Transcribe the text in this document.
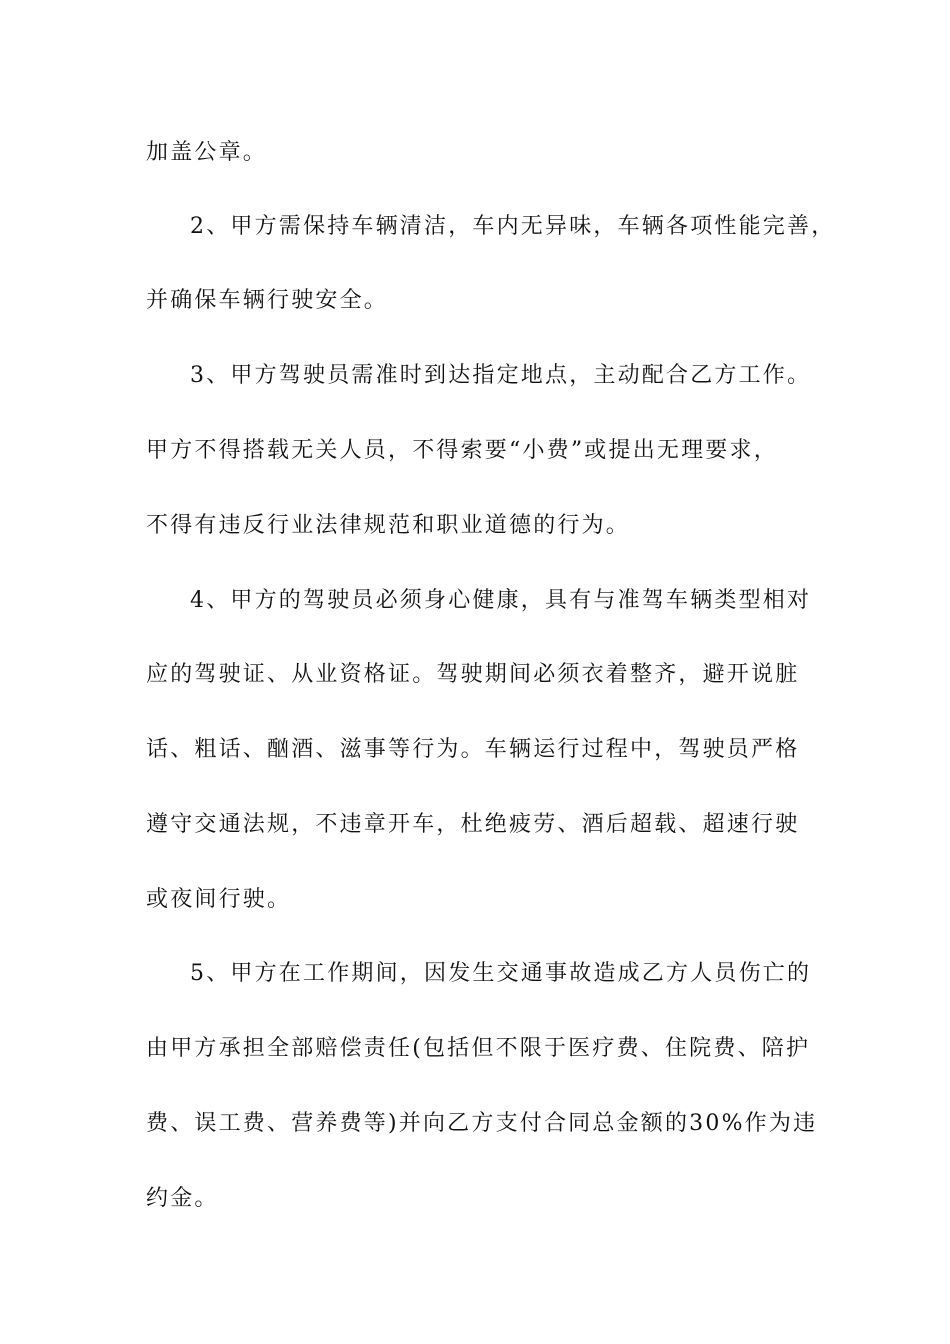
加盖公章。
2、甲方需保持车辆清洁，车内无异味，车辆各项性能完善，
并确保车辆行驶安全。
3、甲方驾驶员需准时到达指定地点，主动配合乙方工作。
甲方不得搭载无关人员，不得索要“小费”或提出无理要求，
不得有违反行业法律规范和职业道德的行为。
4、甲方的驾驶员必须身心健康，具有与准驾车辆类型相对
应的驾驶证、从业资格证。驾驶期间必须衣着整齐，避开说脏
话、粗话、酗酒、滋事等行为。车辆运行过程中，驾驶员严格
遵守交通法规，不违章开车，杜绝疲劳、酒后超载、超速行驶
或夜间行驶。
5、甲方在工作期间，因发生交通事故造成乙方人员伤亡的
由甲方承担全部赔偿责任(包括但不限于医疗费、住院费、陪护
费、误工费、营养费等)并向乙方支付合同总金额的30%作为违
约金。
